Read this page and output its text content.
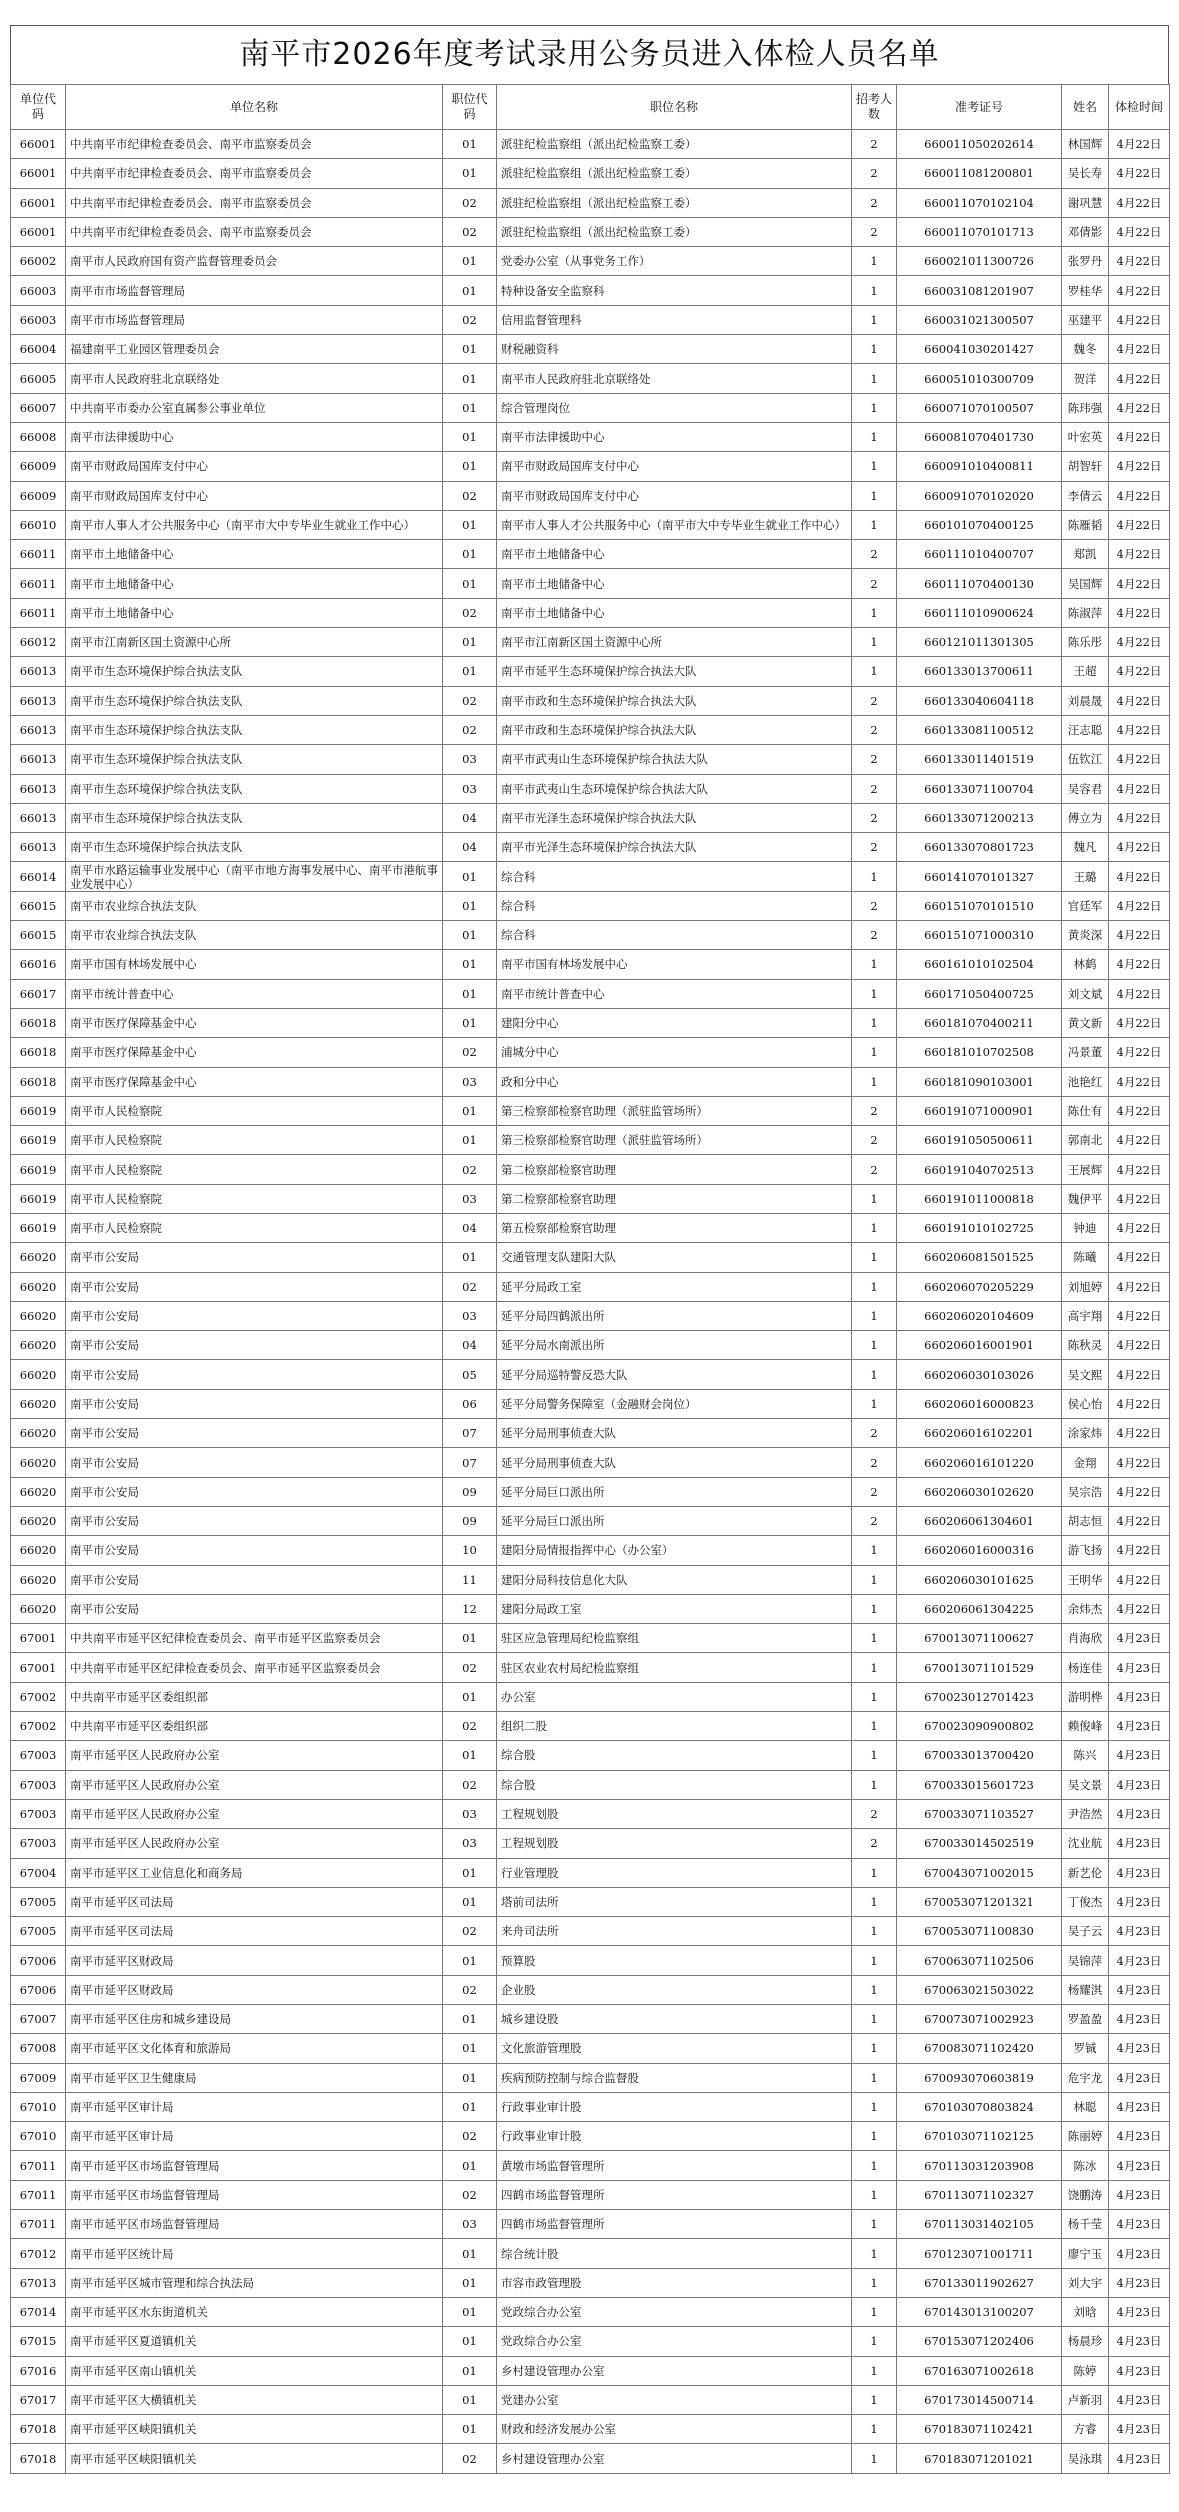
南平市2026年度考试录用公务员进入体检人员名单
单位代码	单位名称	职位代码	职位名称	招考人数	准考证号	姓名	体检时间
66001	中共南平市纪律检查委员会、南平市监察委员会	01	派驻纪检监察组（派出纪检监察工委）	2	660011050202614	林国辉	4月22日
66001	中共南平市纪律检查委员会、南平市监察委员会	01	派驻纪检监察组（派出纪检监察工委）	2	660011081200801	吴长寿	4月22日
66001	中共南平市纪律检查委员会、南平市监察委员会	02	派驻纪检监察组（派出纪检监察工委）	2	660011070102104	谢巩慧	4月22日
66001	中共南平市纪律检查委员会、南平市监察委员会	02	派驻纪检监察组（派出纪检监察工委）	2	660011070101713	邓倩影	4月22日
66002	南平市人民政府国有资产监督管理委员会	01	党委办公室（从事党务工作）	1	660021011300726	张罗丹	4月22日
66003	南平市市场监督管理局	01	特种设备安全监察科	1	660031081201907	罗桂华	4月22日
66003	南平市市场监督管理局	02	信用监督管理科	1	660031021300507	巫建平	4月22日
66004	福建南平工业园区管理委员会	01	财税融资科	1	660041030201427	魏冬	4月22日
66005	南平市人民政府驻北京联络处	01	南平市人民政府驻北京联络处	1	660051010300709	贺洋	4月22日
66007	中共南平市委办公室直属参公事业单位	01	综合管理岗位	1	660071070100507	陈玮强	4月22日
66008	南平市法律援助中心	01	南平市法律援助中心	1	660081070401730	叶宏英	4月22日
66009	南平市财政局国库支付中心	01	南平市财政局国库支付中心	1	660091010400811	胡智轩	4月22日
66009	南平市财政局国库支付中心	02	南平市财政局国库支付中心	1	660091070102020	李倩云	4月22日
66010	南平市人事人才公共服务中心（南平市大中专毕业生就业工作中心）	01	南平市人事人才公共服务中心（南平市大中专毕业生就业工作中心）	1	660101070400125	陈雁韬	4月22日
66011	南平市土地储备中心	01	南平市土地储备中心	2	660111010400707	郑凯	4月22日
66011	南平市土地储备中心	01	南平市土地储备中心	2	660111070400130	吴国辉	4月22日
66011	南平市土地储备中心	02	南平市土地储备中心	1	660111010900624	陈淑萍	4月22日
66012	南平市江南新区国土资源中心所	01	南平市江南新区国土资源中心所	1	660121011301305	陈乐彤	4月22日
66013	南平市生态环境保护综合执法支队	01	南平市延平生态环境保护综合执法大队	1	660133013700611	王超	4月22日
66013	南平市生态环境保护综合执法支队	02	南平市政和生态环境保护综合执法大队	2	660133040604118	刘晨晟	4月22日
66013	南平市生态环境保护综合执法支队	02	南平市政和生态环境保护综合执法大队	2	660133081100512	汪志聪	4月22日
66013	南平市生态环境保护综合执法支队	03	南平市武夷山生态环境保护综合执法大队	2	660133011401519	伍钦江	4月22日
66013	南平市生态环境保护综合执法支队	03	南平市武夷山生态环境保护综合执法大队	2	660133071100704	吴容君	4月22日
66013	南平市生态环境保护综合执法支队	04	南平市光泽生态环境保护综合执法大队	2	660133071200213	傅立为	4月22日
66013	南平市生态环境保护综合执法支队	04	南平市光泽生态环境保护综合执法大队	2	660133070801723	魏凡	4月22日
66014	南平市水路运输事业发展中心（南平市地方海事发展中心、南平市港航事业发展中心）	01	综合科	1	660141070101327	王璐	4月22日
66015	南平市农业综合执法支队	01	综合科	2	660151070101510	官廷军	4月22日
66015	南平市农业综合执法支队	01	综合科	2	660151071000310	黄炎深	4月22日
66016	南平市国有林场发展中心	01	南平市国有林场发展中心	1	660161010102504	林鹤	4月22日
66017	南平市统计普查中心	01	南平市统计普查中心	1	660171050400725	刘文斌	4月22日
66018	南平市医疗保障基金中心	01	建阳分中心	1	660181070400211	黄文新	4月22日
66018	南平市医疗保障基金中心	02	浦城分中心	1	660181010702508	冯景董	4月22日
66018	南平市医疗保障基金中心	03	政和分中心	1	660181090103001	池艳红	4月22日
66019	南平市人民检察院	01	第三检察部检察官助理（派驻监管场所）	2	660191071000901	陈仕有	4月22日
66019	南平市人民检察院	01	第三检察部检察官助理（派驻监管场所）	2	660191050500611	郭南北	4月22日
66019	南平市人民检察院	02	第二检察部检察官助理	2	660191040702513	王展辉	4月22日
66019	南平市人民检察院	03	第二检察部检察官助理	1	660191011000818	魏伊平	4月22日
66019	南平市人民检察院	04	第五检察部检察官助理	1	660191010102725	钟迪	4月22日
66020	南平市公安局	01	交通管理支队建阳大队	1	660206081501525	陈曦	4月22日
66020	南平市公安局	02	延平分局政工室	1	660206070205229	刘旭婷	4月22日
66020	南平市公安局	03	延平分局四鹤派出所	1	660206020104609	高宇翔	4月22日
66020	南平市公安局	04	延平分局水南派出所	1	660206016001901	陈秋灵	4月22日
66020	南平市公安局	05	延平分局巡特警反恐大队	1	660206030103026	吴文熙	4月22日
66020	南平市公安局	06	延平分局警务保障室（金融财会岗位）	1	660206016000823	侯心怡	4月22日
66020	南平市公安局	07	延平分局刑事侦查大队	2	660206016102201	涂家炜	4月22日
66020	南平市公安局	07	延平分局刑事侦查大队	2	660206016101220	金翔	4月22日
66020	南平市公安局	09	延平分局巨口派出所	2	660206030102620	吴宗浩	4月22日
66020	南平市公安局	09	延平分局巨口派出所	2	660206061304601	胡志恒	4月22日
66020	南平市公安局	10	建阳分局情报指挥中心（办公室）	1	660206016000316	游飞扬	4月22日
66020	南平市公安局	11	建阳分局科技信息化大队	1	660206030101625	王明华	4月22日
66020	南平市公安局	12	建阳分局政工室	1	660206061304225	余炜杰	4月22日
67001	中共南平市延平区纪律检查委员会、南平市延平区监察委员会	01	驻区应急管理局纪检监察组	1	670013071100627	肖海欣	4月23日
67001	中共南平市延平区纪律检查委员会、南平市延平区监察委员会	02	驻区农业农村局纪检监察组	1	670013071101529	杨连佳	4月23日
67002	中共南平市延平区委组织部	01	办公室	1	670023012701423	游明桦	4月23日
67002	中共南平市延平区委组织部	02	组织二股	1	670023090900802	赖俊峰	4月23日
67003	南平市延平区人民政府办公室	01	综合股	1	670033013700420	陈兴	4月23日
67003	南平市延平区人民政府办公室	02	综合股	1	670033015601723	吴文景	4月23日
67003	南平市延平区人民政府办公室	03	工程规划股	2	670033071103527	尹浩然	4月23日
67003	南平市延平区人民政府办公室	03	工程规划股	2	670033014502519	沈业航	4月23日
67004	南平市延平区工业信息化和商务局	01	行业管理股	1	670043071002015	新艺伦	4月23日
67005	南平市延平区司法局	01	塔前司法所	1	670053071201321	丁俊杰	4月23日
67005	南平市延平区司法局	02	来舟司法所	1	670053071100830	吴子云	4月23日
67006	南平市延平区财政局	01	预算股	1	670063071102506	吴锦萍	4月23日
67006	南平市延平区财政局	02	企业股	1	670063021503022	杨耀淇	4月23日
67007	南平市延平区住房和城乡建设局	01	城乡建设股	1	670073071002923	罗盈盈	4月23日
67008	南平市延平区文化体育和旅游局	01	文化旅游管理股	1	670083071102420	罗铖	4月23日
67009	南平市延平区卫生健康局	01	疾病预防控制与综合监督股	1	670093070603819	危宇龙	4月23日
67010	南平市延平区审计局	01	行政事业审计股	1	670103070803824	林聪	4月23日
67010	南平市延平区审计局	02	行政事业审计股	1	670103071102125	陈丽婷	4月23日
67011	南平市延平区市场监督管理局	01	黄墩市场监督管理所	1	670113031203908	陈冰	4月23日
67011	南平市延平区市场监督管理局	02	四鹤市场监督管理所	1	670113071102327	饶鹏涛	4月23日
67011	南平市延平区市场监督管理局	03	四鹤市场监督管理所	1	670113031402105	杨千莹	4月23日
67012	南平市延平区统计局	01	综合统计股	1	670123071001711	廖宁玉	4月23日
67013	南平市延平区城市管理和综合执法局	01	市容市政管理股	1	670133011902627	刘大宇	4月23日
67014	南平市延平区水东街道机关	01	党政综合办公室	1	670143013100207	刘晗	4月23日
67015	南平市延平区夏道镇机关	01	党政综合办公室	1	670153071202406	杨晨珍	4月23日
67016	南平市延平区南山镇机关	01	乡村建设管理办公室	1	670163071002618	陈婷	4月23日
67017	南平市延平区大横镇机关	01	党建办公室	1	670173014500714	卢新羽	4月23日
67018	南平市延平区峡阳镇机关	01	财政和经济发展办公室	1	670183071102421	方睿	4月23日
67018	南平市延平区峡阳镇机关	02	乡村建设管理办公室	1	670183071201021	吴泳琪	4月23日
